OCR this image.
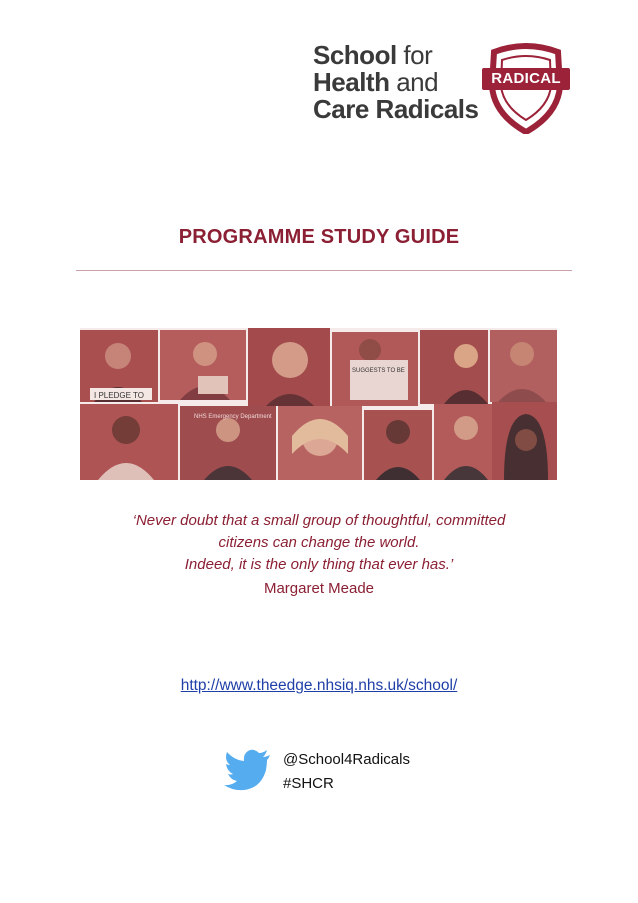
School for
Health and
Care Radicals
RADICAL
PROGRAMME STUDY GUIDE
I PLEDGE TO
SUGGESTS TO BE
NHS Emergency Department
‘Never doubt that a small group of thoughtful, committed
citizens can change the world.
Indeed, it is the only thing that ever has.’
Margaret Meade
http://www.theedge.nhsiq.nhs.uk/school/
@School4Radicals
#SHCR
